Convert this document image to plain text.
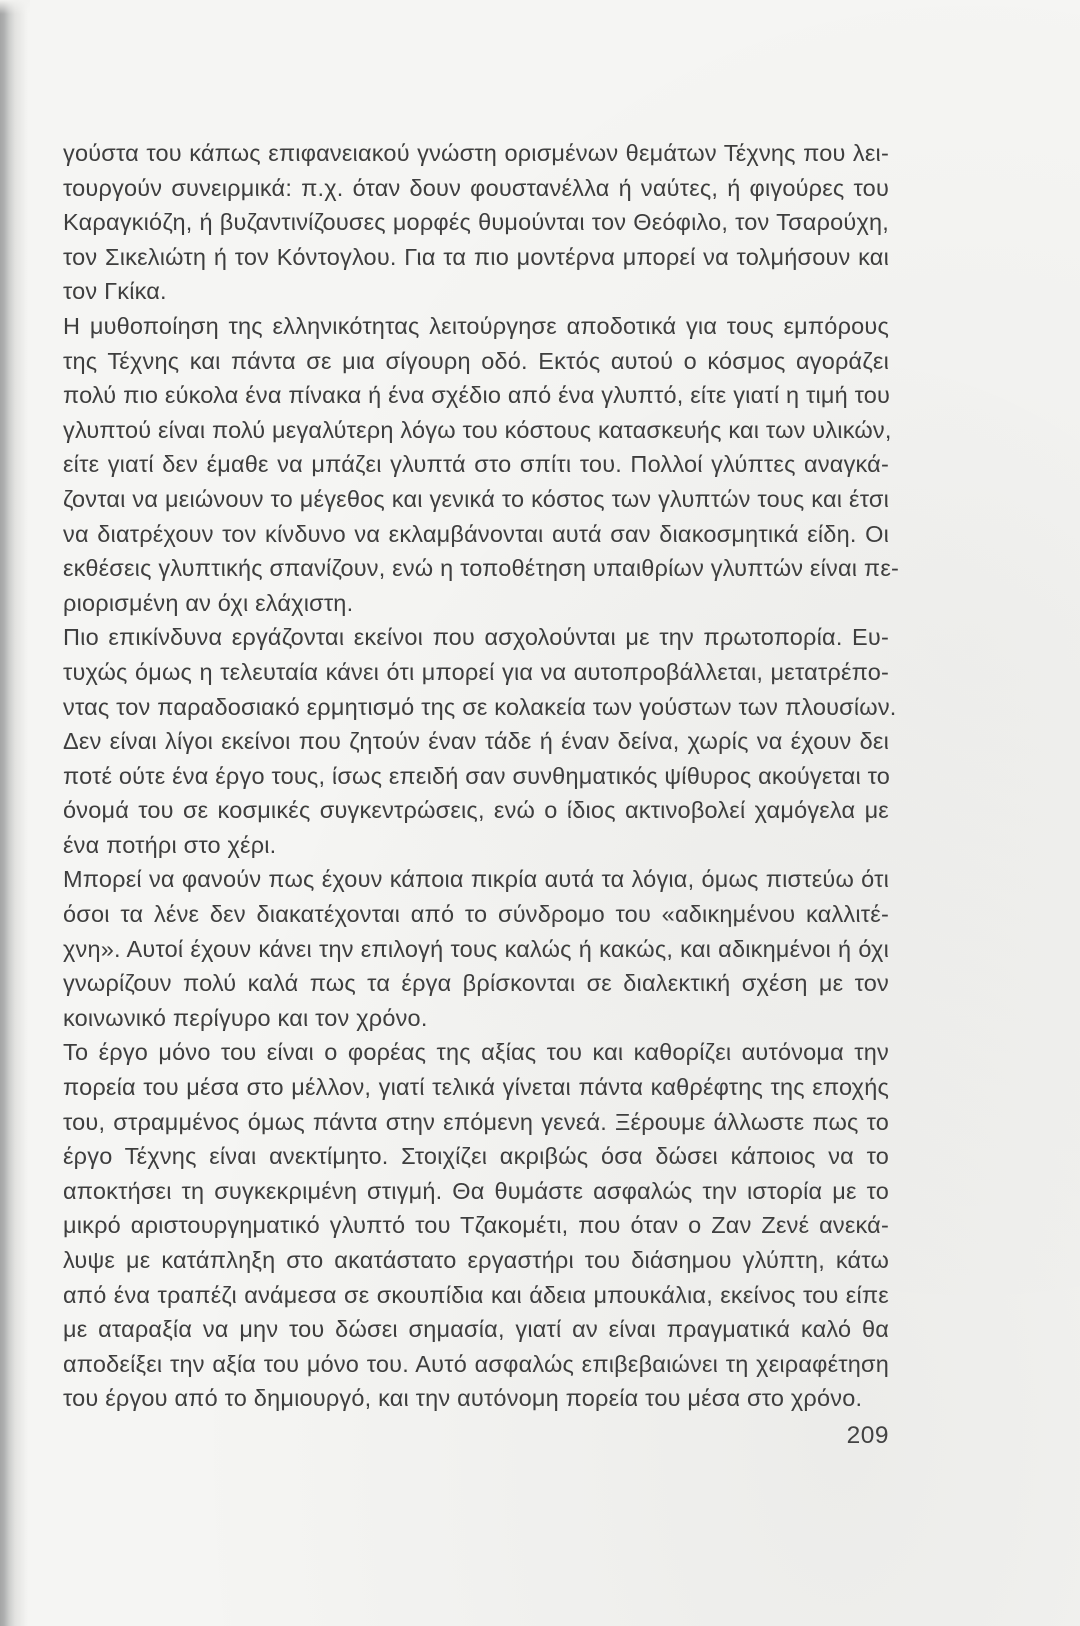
γούστα του κάπως επιφανειακού γνώστη ορισμένων θεμάτων Τέχνης που λει-
τουργούν συνειρμικά: π.χ. όταν δουν φουστανέλλα ή ναύτες, ή φιγούρες του
Καραγκιόζη, ή βυζαντινίζουσες μορφές θυμούνται τον Θεόφιλο, τον Τσαρούχη,
τον Σικελιώτη ή τον Κόντογλου. Για τα πιο μοντέρνα μπορεί να τολμήσουν και
τον Γκίκα.
Η μυθοποίηση της ελληνικότητας λειτούργησε αποδοτικά για τους εμπόρους
της Τέχνης και πάντα σε μια σίγουρη οδό. Εκτός αυτού ο κόσμος αγοράζει
πολύ πιο εύκολα ένα πίνακα ή ένα σχέδιο από ένα γλυπτό, είτε γιατί η τιμή του
γλυπτού είναι πολύ μεγαλύτερη λόγω του κόστους κατασκευής και των υλικών,
είτε γιατί δεν έμαθε να μπάζει γλυπτά στο σπίτι του. Πολλοί γλύπτες αναγκά-
ζονται να μειώνουν το μέγεθος και γενικά το κόστος των γλυπτών τους και έτσι
να διατρέχουν τον κίνδυνο να εκλαμβάνονται αυτά σαν διακοσμητικά είδη. Οι
εκθέσεις γλυπτικής σπανίζουν, ενώ η τοποθέτηση υπαιθρίων γλυπτών είναι πε-
ριορισμένη αν όχι ελάχιστη.
Πιο επικίνδυνα εργάζονται εκείνοι που ασχολούνται με την πρωτοπορία. Ευ-
τυχώς όμως η τελευταία κάνει ότι μπορεί για να αυτοπροβάλλεται, μετατρέπο-
ντας τον παραδοσιακό ερμητισμό της σε κολακεία των γούστων των πλουσίων.
Δεν είναι λίγοι εκείνοι που ζητούν έναν τάδε ή έναν δείνα, χωρίς να έχουν δει
ποτέ ούτε ένα έργο τους, ίσως επειδή σαν συνθηματικός ψίθυρος ακούγεται το
όνομά του σε κοσμικές συγκεντρώσεις, ενώ ο ίδιος ακτινοβολεί χαμόγελα με
ένα ποτήρι στο χέρι.
Μπορεί να φανούν πως έχουν κάποια πικρία αυτά τα λόγια, όμως πιστεύω ότι
όσοι τα λένε δεν διακατέχονται από το σύνδρομο του «αδικημένου καλλιτέ-
χνη». Αυτοί έχουν κάνει την επιλογή τους καλώς ή κακώς, και αδικημένοι ή όχι
γνωρίζουν πολύ καλά πως τα έργα βρίσκονται σε διαλεκτική σχέση με τον
κοινωνικό περίγυρο και τον χρόνο.
Το έργο μόνο του είναι ο φορέας της αξίας του και καθορίζει αυτόνομα την
πορεία του μέσα στο μέλλον, γιατί τελικά γίνεται πάντα καθρέφτης της εποχής
του, στραμμένος όμως πάντα στην επόμενη γενεά. Ξέρουμε άλλωστε πως το
έργο Τέχνης είναι ανεκτίμητο. Στοιχίζει ακριβώς όσα δώσει κάποιος να το
αποκτήσει τη συγκεκριμένη στιγμή. Θα θυμάστε ασφαλώς την ιστορία με το
μικρό αριστουργηματικό γλυπτό του Τζακομέτι, που όταν ο Ζαν Ζενέ ανεκά-
λυψε με κατάπληξη στο ακατάστατο εργαστήρι του διάσημου γλύπτη, κάτω
από ένα τραπέζι ανάμεσα σε σκουπίδια και άδεια μπουκάλια, εκείνος του είπε
με αταραξία να μην του δώσει σημασία, γιατί αν είναι πραγματικά καλό θα
αποδείξει την αξία του μόνο του. Αυτό ασφαλώς επιβεβαιώνει τη χειραφέτηση
του έργου από το δημιουργό, και την αυτόνομη πορεία του μέσα στο χρόνο.
209
